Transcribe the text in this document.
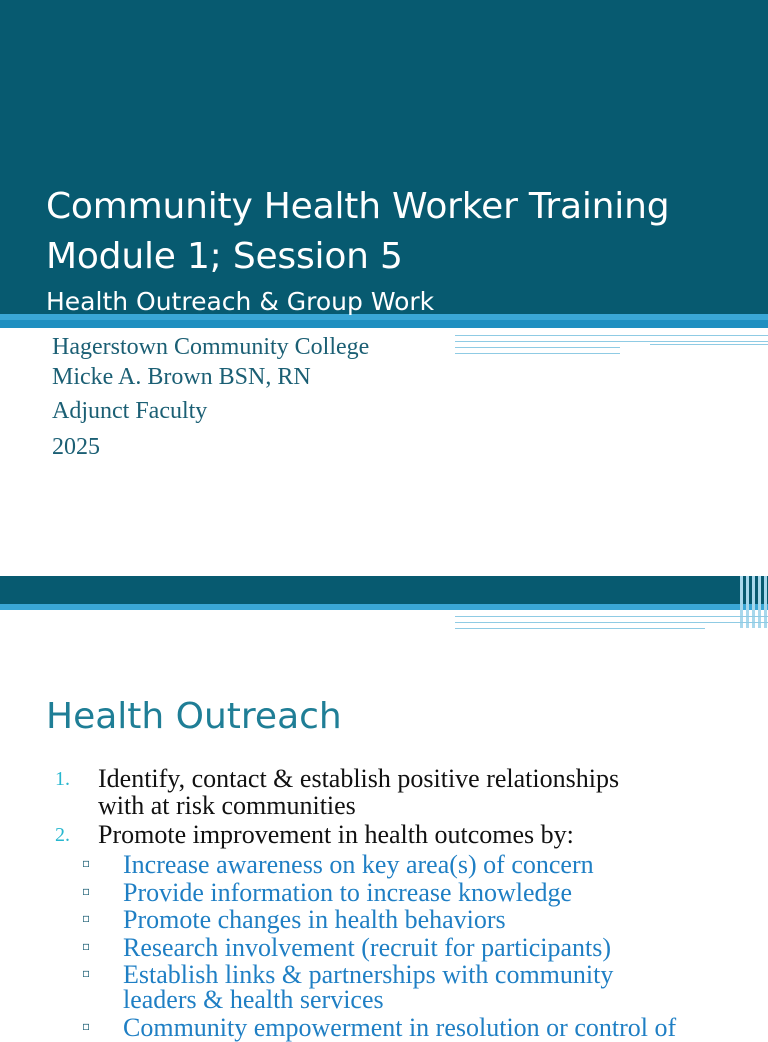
Community Health Worker Training
Module 1; Session 5
Health Outreach & Group Work
Hagerstown Community College
Micke A. Brown BSN, RN
Adjunct Faculty
2025
Health Outreach
1. Identify, contact & establish positive relationships
with at risk communities
2. Promote improvement in health outcomes by:
▫ Increase awareness on key area(s) of concern
▫ Provide information to increase knowledge
▫ Promote changes in health behaviors
▫ Research involvement (recruit for participants)
▫ Establish links & partnerships with community
leaders & health services
▫ Community empowerment in resolution or control of
